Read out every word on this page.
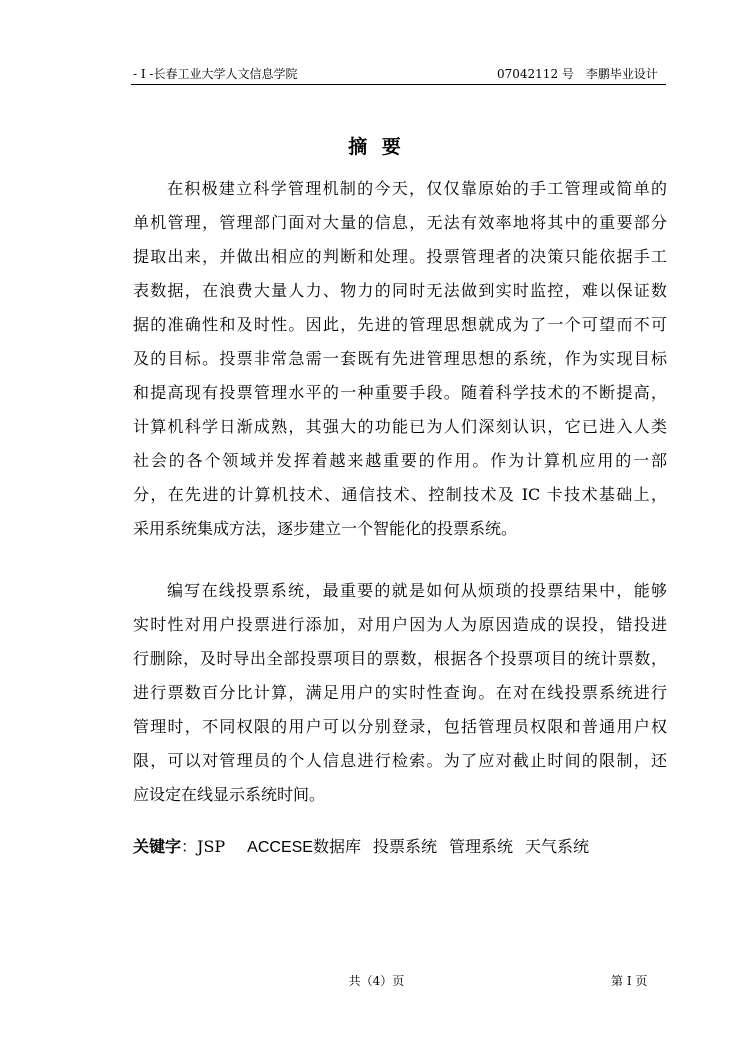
- I -长春工业大学人文信息学院	07042112 号　李鹏毕业设计
摘 要
在积极建立科学管理机制的今天，仅仅靠原始的手工管理或简单的
单机管理，管理部门面对大量的信息，无法有效率地将其中的重要部分
提取出来，并做出相应的判断和处理。投票管理者的决策只能依据手工
表数据，在浪费大量人力、物力的同时无法做到实时监控，难以保证数
据的准确性和及时性。因此，先进的管理思想就成为了一个可望而不可
及的目标。投票非常急需一套既有先进管理思想的系统，作为实现目标
和提高现有投票管理水平的一种重要手段。随着科学技术的不断提高，
计算机科学日渐成熟，其强大的功能已为人们深刻认识，它已进入人类
社会的各个领域并发挥着越来越重要的作用。作为计算机应用的一部
分，在先进的计算机技术、通信技术、控制技术及 IC 卡技术基础上，
采用系统集成方法，逐步建立一个智能化的投票系统。
编写在线投票系统，最重要的就是如何从烦琐的投票结果中，能够
实时性对用户投票进行添加，对用户因为人为原因造成的误投，错投进
行删除，及时导出全部投票项目的票数，根据各个投票项目的统计票数，
进行票数百分比计算，满足用户的实时性查询。在对在线投票系统进行
管理时，不同权限的用户可以分别登录，包括管理员权限和普通用户权
限，可以对管理员的个人信息进行检索。为了应对截止时间的限制，还
应设定在线显示系统时间。
关键字：JSP ACCESE数据库 投票系统 管理系统 天气系统
共（4）页	第 I 页
